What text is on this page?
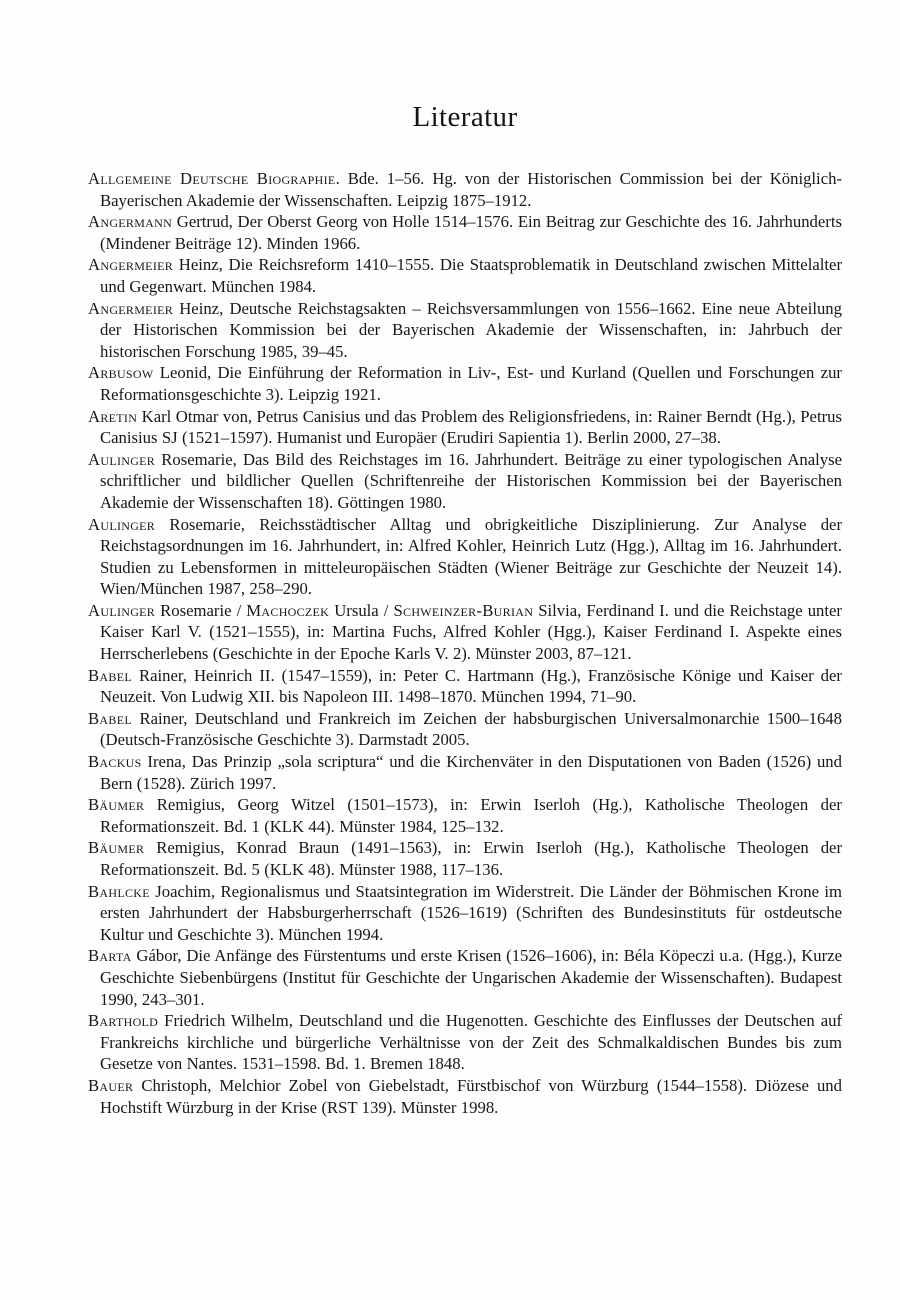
Literatur

Allgemeine Deutsche Biographie. Bde. 1–56. Hg. von der Historischen Commission bei der Königlich-Bayerischen Akademie der Wissenschaften. Leipzig 1875–1912.

Angermann Gertrud, Der Oberst Georg von Holle 1514–1576. Ein Beitrag zur Geschichte des 16. Jahrhunderts (Mindener Beiträge 12). Minden 1966.

Angermeier Heinz, Die Reichsreform 1410–1555. Die Staatsproblematik in Deutschland zwischen Mittelalter und Gegenwart. München 1984.

Angermeier Heinz, Deutsche Reichstagsakten – Reichsversammlungen von 1556–1662. Eine neue Abteilung der Historischen Kommission bei der Bayerischen Akademie der Wissenschaften, in: Jahrbuch der historischen Forschung 1985, 39–45.

Arbusow Leonid, Die Einführung der Reformation in Liv-, Est- und Kurland (Quellen und Forschungen zur Reformationsgeschichte 3). Leipzig 1921.

Aretin Karl Otmar von, Petrus Canisius und das Problem des Religionsfriedens, in: Rainer Berndt (Hg.), Petrus Canisius SJ (1521–1597). Humanist und Europäer (Erudiri Sapientia 1). Berlin 2000, 27–38.

Aulinger Rosemarie, Das Bild des Reichstages im 16. Jahrhundert. Beiträge zu einer typologischen Analyse schriftlicher und bildlicher Quellen (Schriftenreihe der Historischen Kommission bei der Bayerischen Akademie der Wissenschaften 18). Göttingen 1980.

Aulinger Rosemarie, Reichsstädtischer Alltag und obrigkeitliche Disziplinierung. Zur Analyse der Reichstagsordnungen im 16. Jahrhundert, in: Alfred Kohler, Heinrich Lutz (Hgg.), Alltag im 16. Jahrhundert. Studien zu Lebensformen in mitteleuropäischen Städten (Wiener Beiträge zur Geschichte der Neuzeit 14). Wien/München 1987, 258–290.

Aulinger Rosemarie / Machoczek Ursula / Schweinzer-Burian Silvia, Ferdinand I. und die Reichstage unter Kaiser Karl V. (1521–1555), in: Martina Fuchs, Alfred Kohler (Hgg.), Kaiser Ferdinand I. Aspekte eines Herrscherlebens (Geschichte in der Epoche Karls V. 2). Münster 2003, 87–121.

Babel Rainer, Heinrich II. (1547–1559), in: Peter C. Hartmann (Hg.), Französische Könige und Kaiser der Neuzeit. Von Ludwig XII. bis Napoleon III. 1498–1870. München 1994, 71–90.

Babel Rainer, Deutschland und Frankreich im Zeichen der habsburgischen Universalmonarchie 1500–1648 (Deutsch-Französische Geschichte 3). Darmstadt 2005.

Backus Irena, Das Prinzip „sola scriptura“ und die Kirchenväter in den Disputationen von Baden (1526) und Bern (1528). Zürich 1997.

Bäumer Remigius, Georg Witzel (1501–1573), in: Erwin Iserloh (Hg.), Katholische Theologen der Reformationszeit. Bd. 1 (KLK 44). Münster 1984, 125–132.

Bäumer Remigius, Konrad Braun (1491–1563), in: Erwin Iserloh (Hg.), Katholische Theologen der Reformationszeit. Bd. 5 (KLK 48). Münster 1988, 117–136.

Bahlcke Joachim, Regionalismus und Staatsintegration im Widerstreit. Die Länder der Böhmischen Krone im ersten Jahrhundert der Habsburgerherrschaft (1526–1619) (Schriften des Bundesinstituts für ostdeutsche Kultur und Geschichte 3). München 1994.

Barta Gábor, Die Anfänge des Fürstentums und erste Krisen (1526–1606), in: Béla Köpeczi u.a. (Hgg.), Kurze Geschichte Siebenbürgens (Institut für Geschichte der Ungarischen Akademie der Wissenschaften). Budapest 1990, 243–301.

Barthold Friedrich Wilhelm, Deutschland und die Hugenotten. Geschichte des Einflusses der Deutschen auf Frankreichs kirchliche und bürgerliche Verhältnisse von der Zeit des Schmalkaldischen Bundes bis zum Gesetze von Nantes. 1531–1598. Bd. 1. Bremen 1848.

Bauer Christoph, Melchior Zobel von Giebelstadt, Fürstbischof von Würzburg (1544–1558). Diözese und Hochstift Würzburg in der Krise (RST 139). Münster 1998.
